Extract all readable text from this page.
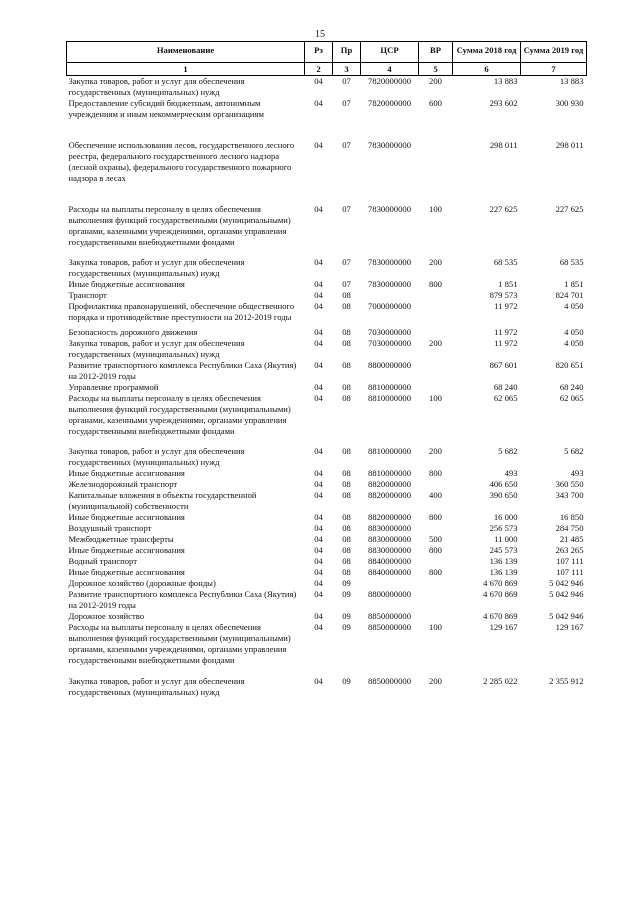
15
Наименование	Рз	Пр	ЦСР	ВР	Сумма 2018 год	Сумма 2019 год
1	2	3	4	5	6	7
Закупка товаров, работ и услуг для обеспечения государственных (муниципальных) нужд	04	07	7820000000	200	13 883	13 883
Предоставление субсидий бюджетным, автономным учреждениям и иным некоммерческим организациям	04	07	7820000000	600	293 602	300 930
Обеспечение использования лесов, государственного лесного реестра, федерального государственного лесного надзора (лесной охраны), федерального государственного пожарного надзора в лесах	04	07	7830000000		298 011	298 011
Расходы на выплаты персоналу в целях обеспечения выполнения функций государственными (муниципальными) органами, казенными учреждениями, органами управления государственными внебюджетными фондами	04	07	7830000000	100	227 625	227 625
Закупка товаров, работ и услуг для обеспечения государственных (муниципальных) нужд	04	07	7830000000	200	68 535	68 535
Иные бюджетные ассигнования	04	07	7830000000	800	1 851	1 851
Транспорт	04	08			879 573	824 701
Профилактика правонарушений, обеспечение общественного порядка и противодействие преступности на 2012-2019 годы	04	08	7000000000		11 972	4 050
Безопасность дорожного движения	04	08	7030000000		11 972	4 050
Закупка товаров, работ и услуг для обеспечения государственных (муниципальных) нужд	04	08	7030000000	200	11 972	4 050
Развитие транспортного комплекса Республики Саха (Якутия) на 2012-2019 годы	04	08	8800000000		867 601	820 651
Управление программой	04	08	8810000000		68 240	68 240
Расходы на выплаты персоналу в целях обеспечения выполнения функций государственными (муниципальными) органами, казенными учреждениями, органами управления государственными внебюджетными фондами	04	08	8810000000	100	62 065	62 065
Закупка товаров, работ и услуг для обеспечения государственных (муниципальных) нужд	04	08	8810000000	200	5 682	5 682
Иные бюджетные ассигнования	04	08	8810000000	800	493	493
Железнодорожный транспорт	04	08	8820000000		406 650	360 550
Капитальные вложения в объекты государственной (муниципальной) собственности	04	08	8820000000	400	390 650	343 700
Иные бюджетные ассигнования	04	08	8820000000	800	16 000	16 850
Воздушный транспорт	04	08	8830000000		256 573	284 750
Межбюджетные трансферты	04	08	8830000000	500	11 000	21 485
Иные бюджетные ассигнования	04	08	8830000000	800	245 573	263 265
Водный транспорт	04	08	8840000000		136 139	107 111
Иные бюджетные ассигнования	04	08	8840000000	800	136 139	107 111
Дорожное хозяйство (дорожные фонды)	04	09			4 670 869	5 042 946
Развитие транспортного комплекса Республики Саха (Якутия) на 2012-2019 годы	04	09	8800000000		4 670 869	5 042 946
Дорожное хозяйство	04	09	8850000000		4 670 869	5 042 946
Расходы на выплаты персоналу в целях обеспечения выполнения функций государственными (муниципальными) органами, казенными учреждениями, органами управления государственными внебюджетными фондами	04	09	8850000000	100	129 167	129 167
Закупка товаров, работ и услуг для обеспечения государственных (муниципальных) нужд	04	09	8850000000	200	2 285 022	2 355 912
